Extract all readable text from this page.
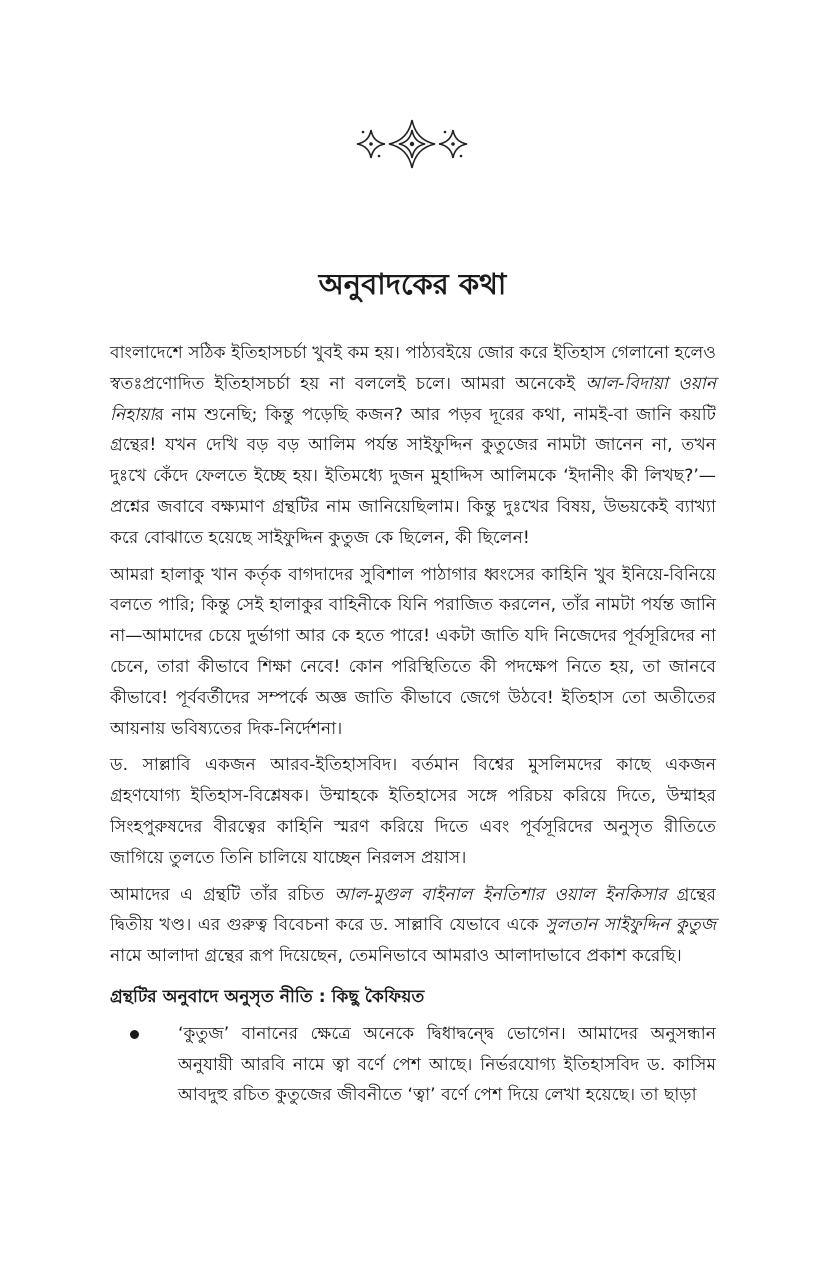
অনুবাদকের কথা

বাংলাদেশে সঠিক ইতিহাসচর্চা খুবই কম হয়। পাঠ্যবইয়ে জোর করে ইতিহাস গেলানো হলেও স্বতঃপ্রণোদিত ইতিহাসচর্চা হয় না বললেই চলে। আমরা অনেকেই আল-বিদায়া ওয়ান নিহায়ার নাম শুনেছি; কিন্তু পড়েছি কজন? আর পড়ব দূরের কথা, নামই-বা জানি কয়টি গ্রন্থের! যখন দেখি বড় বড় আলিম পর্যন্ত সাইফুদ্দিন কুতুজের নামটা জানেন না, তখন দুঃখে কেঁদে ফেলতে ইচ্ছে হয়। ইতিমধ্যে দুজন মুহাদ্দিস আলিমকে ‘ইদানীং কী লিখছ?’—প্রশ্নের জবাবে বক্ষ্যমাণ গ্রন্থটির নাম জানিয়েছিলাম। কিন্তু দুঃখের বিষয়, উভয়কেই ব্যাখ্যা করে বোঝাতে হয়েছে সাইফুদ্দিন কুতুজ কে ছিলেন, কী ছিলেন!

আমরা হালাকু খান কর্তৃক বাগদাদের সুবিশাল পাঠাগার ধ্বংসের কাহিনি খুব ইনিয়ে-বিনিয়ে বলতে পারি; কিন্তু সেই হালাকুর বাহিনীকে যিনি পরাজিত করলেন, তাঁর নামটা পর্যন্ত জানি না—আমাদের চেয়ে দুর্ভাগা আর কে হতে পারে! একটা জাতি যদি নিজেদের পূর্বসূরিদের না চেনে, তারা কীভাবে শিক্ষা নেবে! কোন পরিস্থিতিতে কী পদক্ষেপ নিতে হয়, তা জানবে কীভাবে! পূর্ববর্তীদের সম্পর্কে অজ্ঞ জাতি কীভাবে জেগে উঠবে! ইতিহাস তো অতীতের আয়নায় ভবিষ্যতের দিক-নির্দেশনা।

ড. সাল্লাবি একজন আরব-ইতিহাসবিদ। বর্তমান বিশ্বের মুসলিমদের কাছে একজন গ্রহণযোগ্য ইতিহাস-বিশ্লেষক। উম্মাহকে ইতিহাসের সঙ্গে পরিচয় করিয়ে দিতে, উম্মাহর সিংহপুরুষদের বীরত্বের কাহিনি স্মরণ করিয়ে দিতে এবং পূর্বসূরিদের অনুসৃত রীতিতে জাগিয়ে তুলতে তিনি চালিয়ে যাচ্ছেন নিরলস প্রয়াস।

আমাদের এ গ্রন্থটি তাঁর রচিত আল-মুগুল বাইনাল ইনতিশার ওয়াল ইনকিসার গ্রন্থের দ্বিতীয় খণ্ড। এর গুরুত্ব বিবেচনা করে ড. সাল্লাবি যেভাবে একে সুলতান সাইফুদ্দিন কুতুজ নামে আলাদা গ্রন্থের রূপ দিয়েছেন, তেমনিভাবে আমরাও আলাদাভাবে প্রকাশ করেছি।

গ্রন্থটির অনুবাদে অনুসৃত নীতি : কিছু কৈফিয়ত
‘কুতুজ’ বানানের ক্ষেত্রে অনেকে দ্বিধাদ্বন্দ্বে ভোগেন। আমাদের অনুসন্ধান অনুযায়ী আরবি নামে ত্বা বর্ণে পেশ আছে। নির্ভরযোগ্য ইতিহাসবিদ ড. কাসিম আবদুহু রচিত কুতুজের জীবনীতে ‘ত্বা’ বর্ণে পেশ দিয়ে লেখা হয়েছে। তা ছাড়া
